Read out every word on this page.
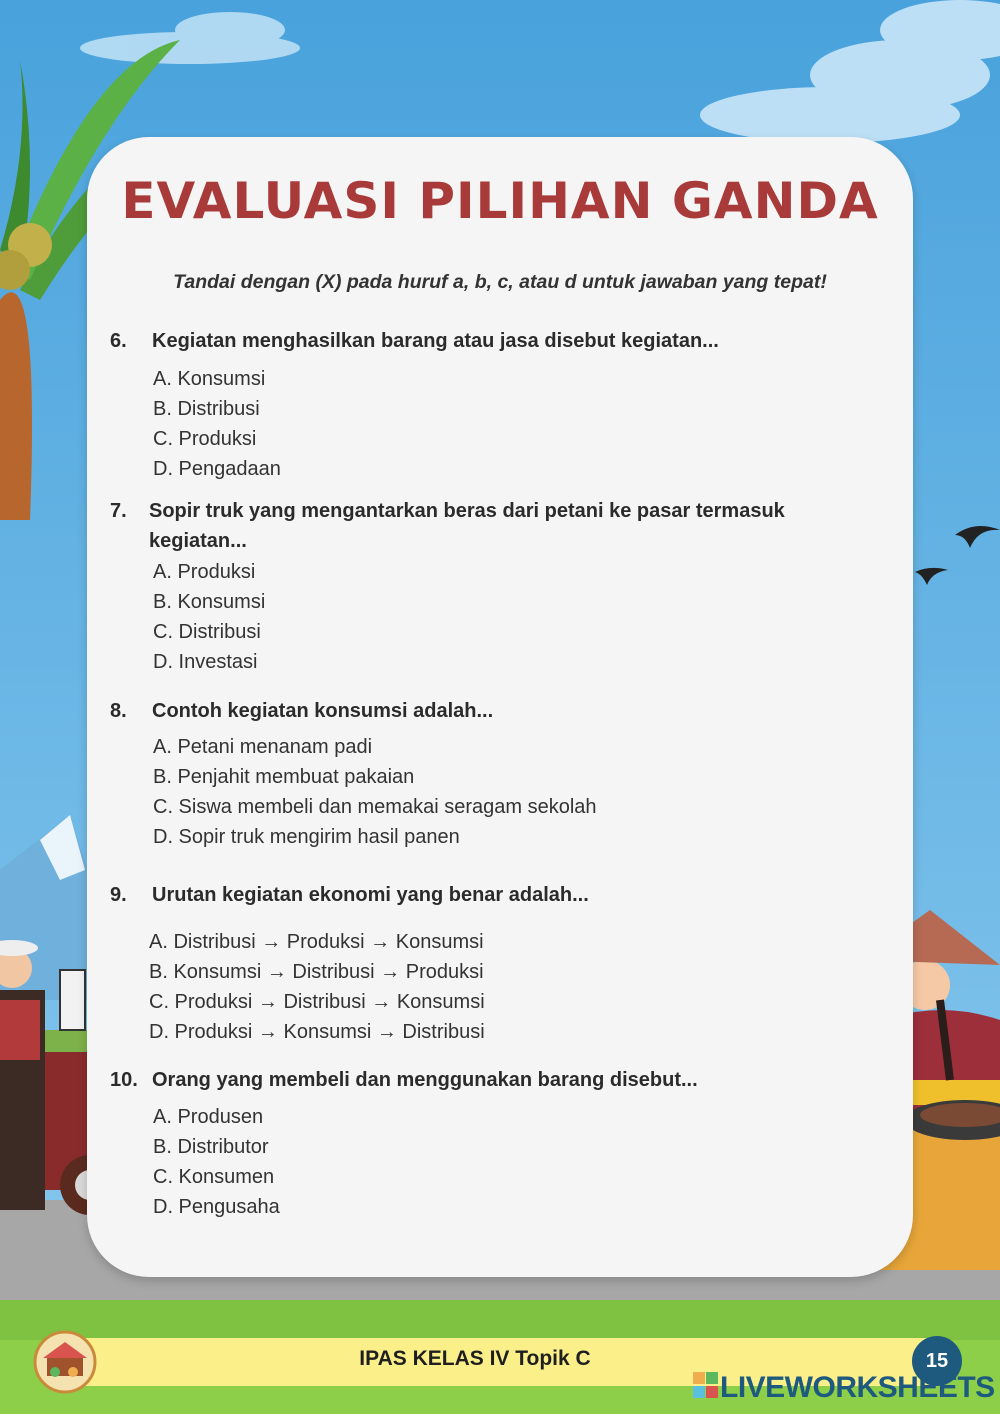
EVALUASI PILIHAN GANDA
Tandai dengan (X) pada huruf a, b, c, atau d untuk jawaban yang tepat!
6. Kegiatan menghasilkan barang atau jasa disebut kegiatan...
A. Konsumsi
B. Distribusi
C. Produksi
D. Pengadaan
7. Sopir truk yang mengantarkan beras dari petani ke pasar termasuk
kegiatan...
A. Produksi
B. Konsumsi
C. Distribusi
D. Investasi
8. Contoh kegiatan konsumsi adalah...
A. Petani menanam padi
B. Penjahit membuat pakaian
C. Siswa membeli dan memakai seragam sekolah
D. Sopir truk mengirim hasil panen
9. Urutan kegiatan ekonomi yang benar adalah...
A. Distribusi → Produksi → Konsumsi
B. Konsumsi → Distribusi → Produksi
C. Produksi → Distribusi → Konsumsi
D. Produksi → Konsumsi → Distribusi
10. Orang yang membeli dan menggunakan barang disebut...
A. Produsen
B. Distributor
C. Konsumen
D. Pengusaha
IPAS KELAS IV Topik C	15
LIVEWORKSHEETS
